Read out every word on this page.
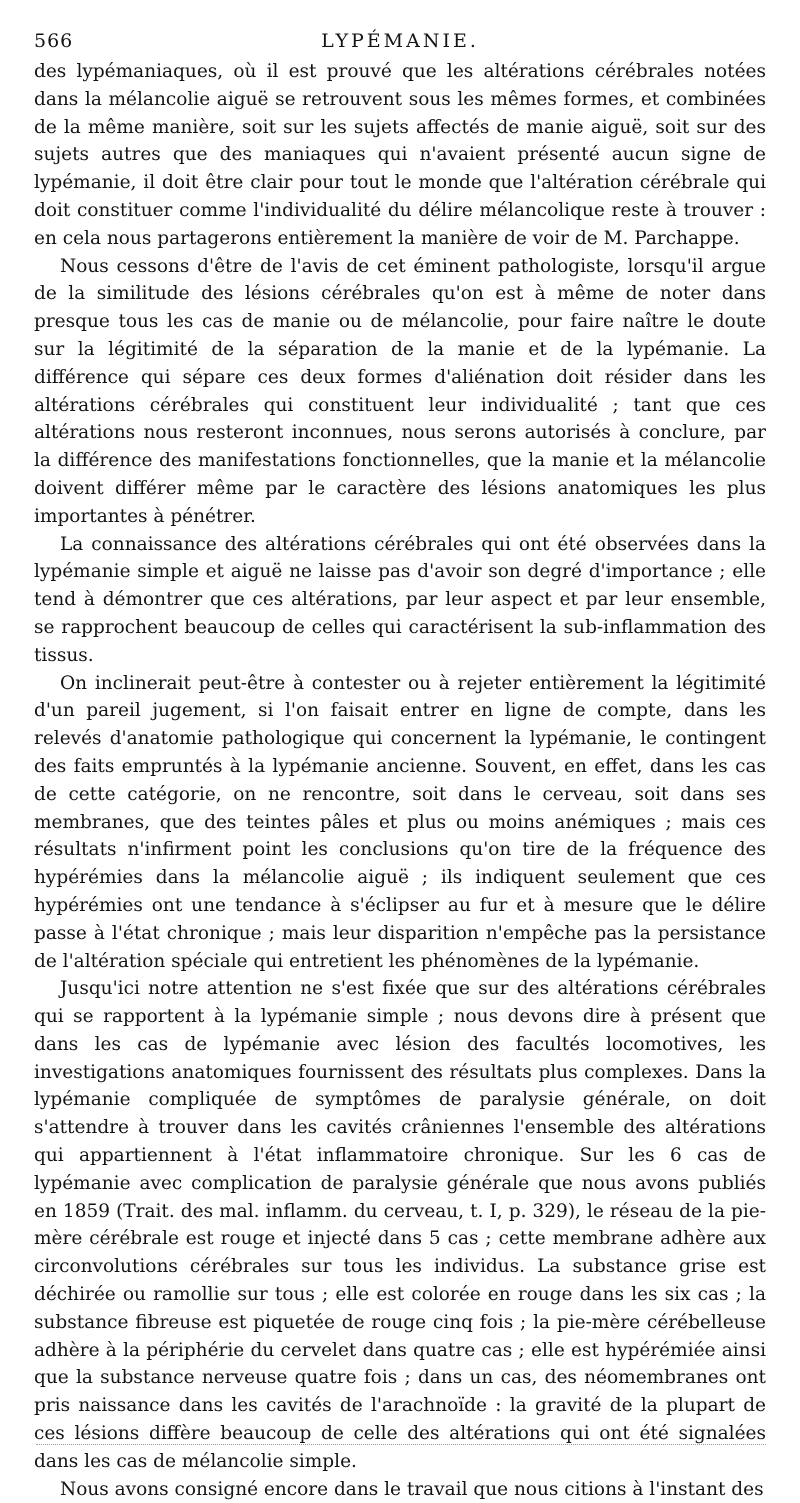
566	LYPÉMANIE.

des lypémaniaques, où il est prouvé que les altérations cérébrales notées dans la mélancolie aiguë se retrouvent sous les mêmes formes, et combinées de la même manière, soit sur les sujets affectés de manie aiguë, soit sur des sujets autres que des maniaques qui n'avaient présenté aucun signe de lypémanie, il doit être clair pour tout le monde que l'altération cérébrale qui doit constituer comme l'individualité du délire mélancolique reste à trouver : en cela nous partagerons entièrement la manière de voir de M. Parchappe.

Nous cessons d'être de l'avis de cet éminent pathologiste, lorsqu'il argue de la similitude des lésions cérébrales qu'on est à même de noter dans presque tous les cas de manie ou de mélancolie, pour faire naître le doute sur la légitimité de la séparation de la manie et de la lypémanie. La différence qui sépare ces deux formes d'aliénation doit résider dans les altérations cérébrales qui constituent leur individualité ; tant que ces altérations nous resteront inconnues, nous serons autorisés à conclure, par la différence des manifestations fonctionnelles, que la manie et la mélancolie doivent différer même par le caractère des lésions anatomiques les plus importantes à pénétrer.

La connaissance des altérations cérébrales qui ont été observées dans la lypémanie simple et aiguë ne laisse pas d'avoir son degré d'importance ; elle tend à démontrer que ces altérations, par leur aspect et par leur ensemble, se rapprochent beaucoup de celles qui caractérisent la sub-inflammation des tissus.

On inclinerait peut-être à contester ou à rejeter entièrement la légitimité d'un pareil jugement, si l'on faisait entrer en ligne de compte, dans les relevés d'anatomie pathologique qui concernent la lypémanie, le contingent des faits empruntés à la lypémanie ancienne. Souvent, en effet, dans les cas de cette catégorie, on ne rencontre, soit dans le cerveau, soit dans ses membranes, que des teintes pâles et plus ou moins anémiques ; mais ces résultats n'infirment point les conclusions qu'on tire de la fréquence des hypérémies dans la mélancolie aiguë ; ils indiquent seulement que ces hypérémies ont une tendance à s'éclipser au fur et à mesure que le délire passe à l'état chronique ; mais leur disparition n'empêche pas la persistance de l'altération spéciale qui entretient les phénomènes de la lypémanie.

Jusqu'ici notre attention ne s'est fixée que sur des altérations cérébrales qui se rapportent à la lypémanie simple ; nous devons dire à présent que dans les cas de lypémanie avec lésion des facultés locomotives, les investigations anatomiques fournissent des résultats plus complexes. Dans la lypémanie compliquée de symptômes de paralysie générale, on doit s'attendre à trouver dans les cavités crâniennes l'ensemble des altérations qui appartiennent à l'état inflammatoire chronique. Sur les 6 cas de lypémanie avec complication de paralysie générale que nous avons publiés en 1859 (Trait. des mal. inflamm. du cerveau, t. I, p. 329), le réseau de la pie-mère cérébrale est rouge et injecté dans 5 cas ; cette membrane adhère aux circonvolutions cérébrales sur tous les individus. La substance grise est déchirée ou ramollie sur tous ; elle est colorée en rouge dans les six cas ; la substance fibreuse est piquetée de rouge cinq fois ; la pie-mère cérébelleuse adhère à la périphérie du cervelet dans quatre cas ; elle est hypérémiée ainsi que la substance nerveuse quatre fois ; dans un cas, des néomembranes ont pris naissance dans les cavités de l'arachnoïde : la gravité de la plupart de ces lésions diffère beaucoup de celle des altérations qui ont été signalées dans les cas de mélancolie simple.

Nous avons consigné encore dans le travail que nous citions à l'instant des
